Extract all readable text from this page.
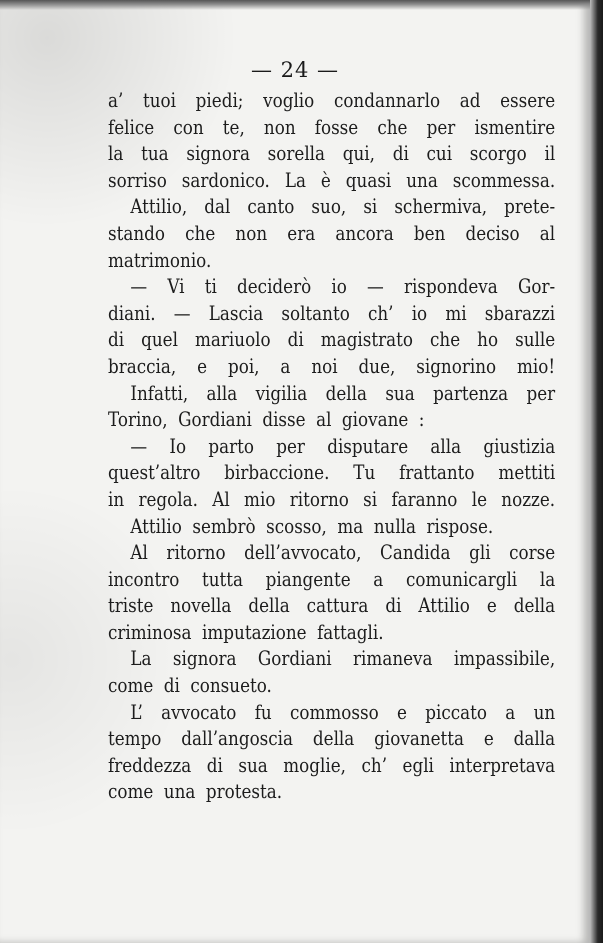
— 24 —
a’ tuoi piedi; voglio condannarlo ad essere
felice con te, non fosse che per ismentire
la tua signora sorella qui, di cui scorgo il
sorriso sardonico. La è quasi una scommessa.
Attilio, dal canto suo, si schermiva, prete-
stando che non era ancora ben deciso al
matrimonio.
— Vi ti deciderò io — rispondeva Gor-
diani. — Lascia soltanto ch’ io mi sbarazzi
di quel mariuolo di magistrato che ho sulle
braccia, e poi, a noi due, signorino mio!
Infatti, alla vigilia della sua partenza per
Torino, Gordiani disse al giovane :
— Io parto per disputare alla giustizia
quest’altro birbaccione. Tu frattanto mettiti
in regola. Al mio ritorno si faranno le nozze.
Attilio sembrò scosso, ma nulla rispose.
Al ritorno dell’avvocato, Candida gli corse
incontro tutta piangente a comunicargli la
triste novella della cattura di Attilio e della
criminosa imputazione fattagli.
La signora Gordiani rimaneva impassibile,
come di consueto.
L’ avvocato fu commosso e piccato a un
tempo dall’angoscia della giovanetta e dalla
freddezza di sua moglie, ch’ egli interpretava
come una protesta.
